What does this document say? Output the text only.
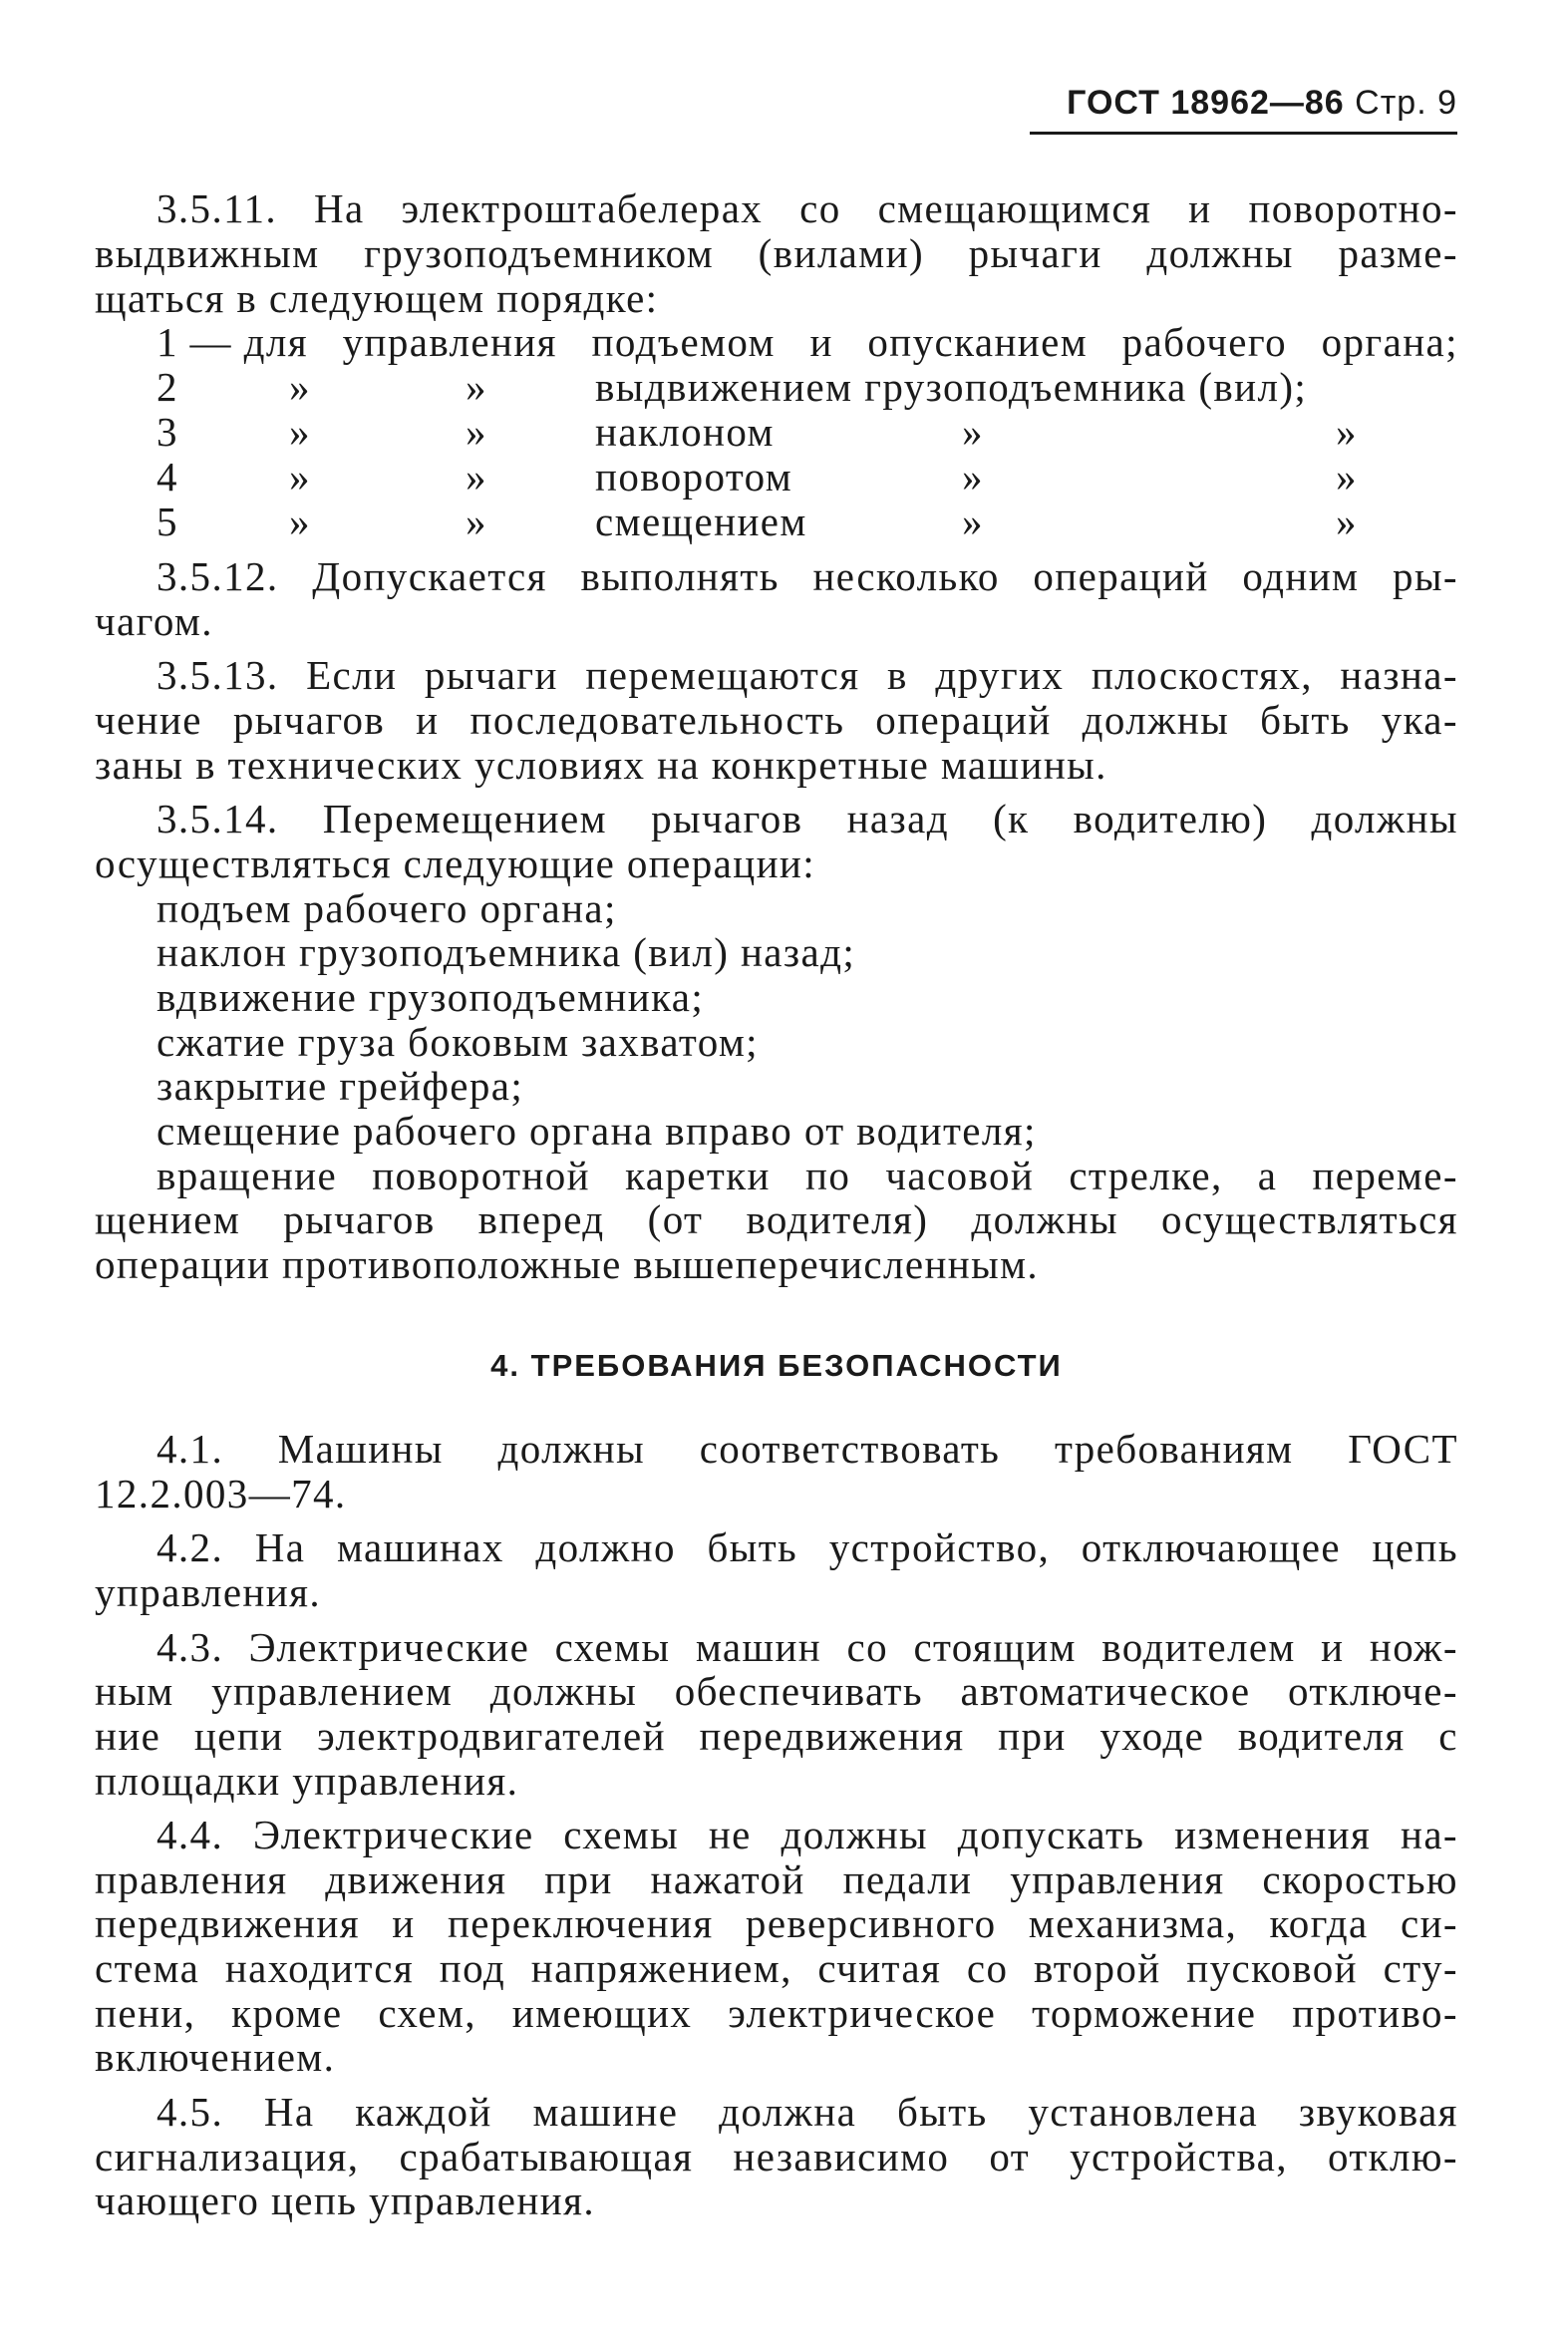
ГОСТ 18962—86 Стр. 9
3.5.11. На электроштабелерах со смещающимся и поворотно-
выдвижным грузоподъемником (вилами) рычаги должны разме-
щаться в следующем порядке:
1 — для управления подъемом и опусканием рабочего органа;
2	»	»	выдвижением грузоподъемника (вил);
3	»	»	наклоном	»	»
4	»	»	поворотом	»	»
5	»	»	смещением	»	»
3.5.12. Допускается выполнять несколько операций одним ры-
чагом.
3.5.13. Если рычаги перемещаются в других плоскостях, назна-
чение рычагов и последовательность операций должны быть ука-
заны в технических условиях на конкретные машины.
3.5.14. Перемещением рычагов назад (к водителю) должны
осуществляться следующие операции:
подъем рабочего органа;
наклон грузоподъемника (вил) назад;
вдвижение грузоподъемника;
сжатие груза боковым захватом;
закрытие грейфера;
смещение рабочего органа вправо от водителя;
вращение поворотной каретки по часовой стрелке, а переме-
щением рычагов вперед (от водителя) должны осуществляться
операции противоположные вышеперечисленным.
4. ТРЕБОВАНИЯ БЕЗОПАСНОСТИ
4.1. Машины должны соответствовать требованиям ГОСТ
12.2.003—74.
4.2. На машинах должно быть устройство, отключающее цепь
управления.
4.3. Электрические схемы машин со стоящим водителем и нож-
ным управлением должны обеспечивать автоматическое отключе-
ние цепи электродвигателей передвижения при уходе водителя с
площадки управления.
4.4. Электрические схемы не должны допускать изменения на-
правления движения при нажатой педали управления скоростью
передвижения и переключения реверсивного механизма, когда си-
стема находится под напряжением, считая со второй пусковой сту-
пени, кроме схем, имеющих электрическое торможение противо-
включением.
4.5. На каждой машине должна быть установлена звуковая
сигнализация, срабатывающая независимо от устройства, отклю-
чающего цепь управления.
